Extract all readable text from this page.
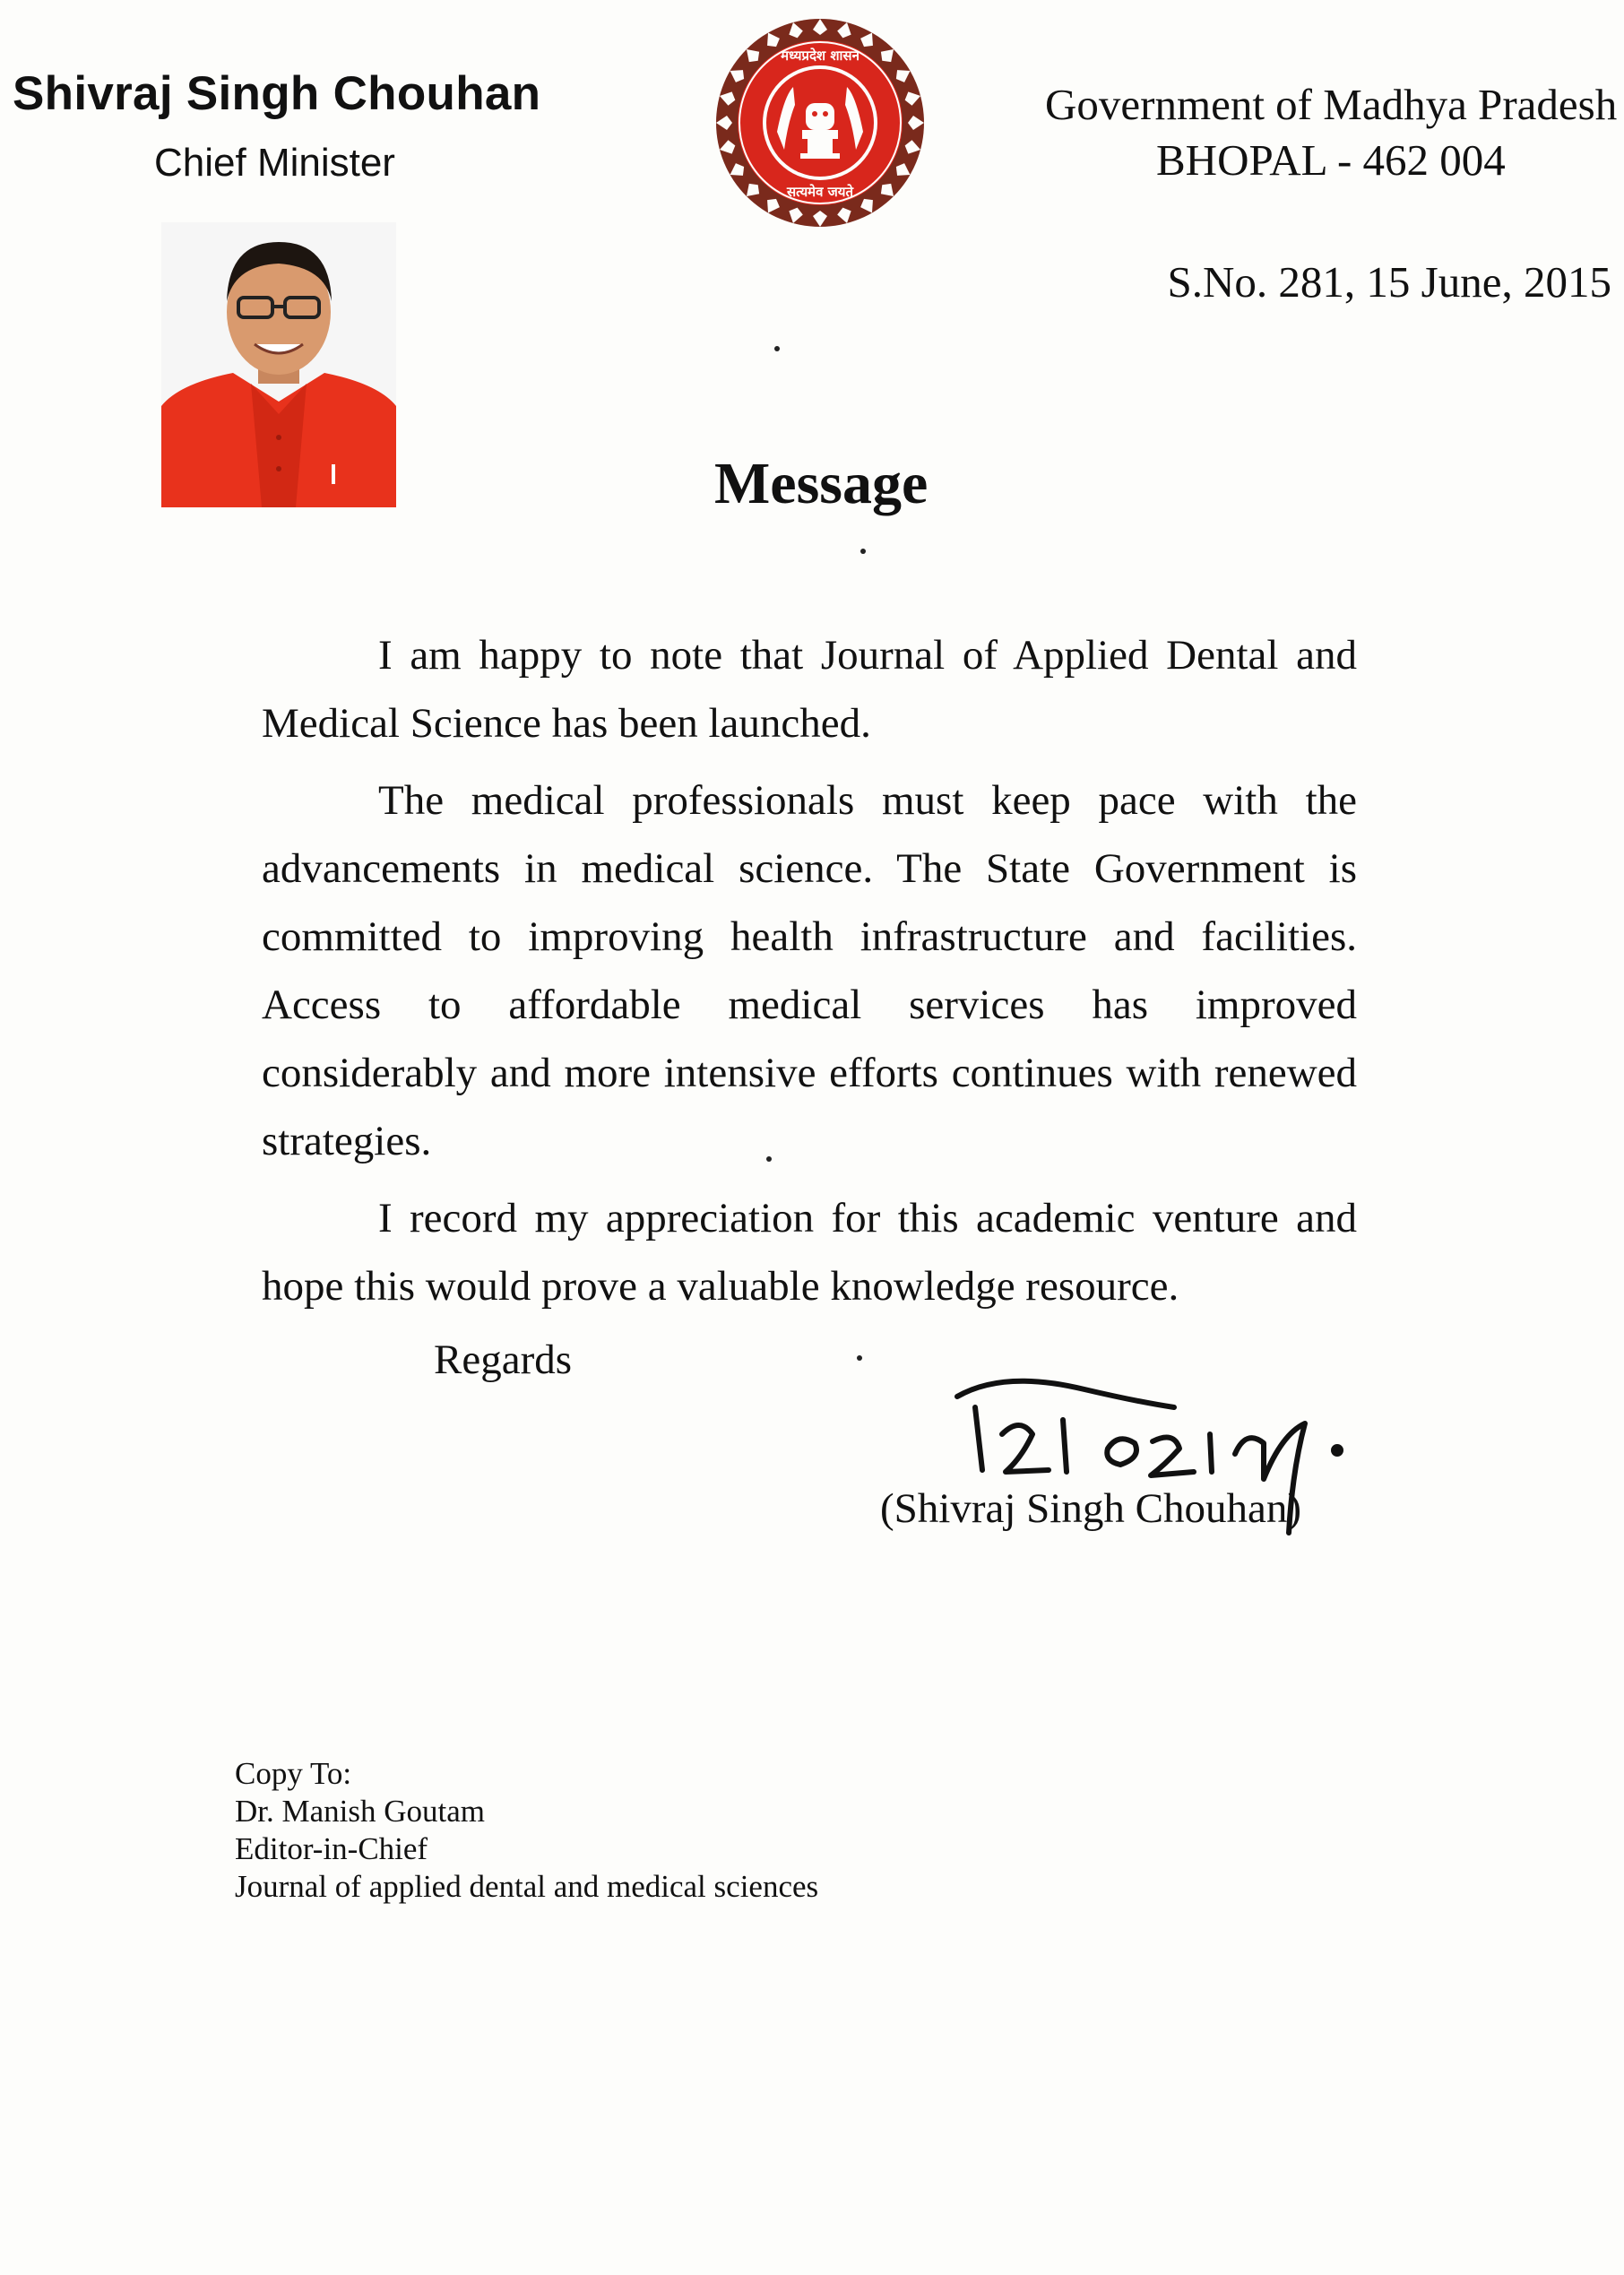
Shivraj Singh Chouhan
Chief Minister
मध्यप्रदेश शासन
सत्यमेव जयते
Government of Madhya Pradesh
BHOPAL - 462 004
S.No. 281, 15 June, 2015
Message

I am happy to note that Journal of Applied Dental and Medical Science has been launched.

The medical professionals must keep pace with the advancements in medical science. The State Government is committed to improving health infrastructure and facilities. Access to affordable medical services has improved considerably and more intensive efforts continues with renewed strategies.

I record my appreciation for this academic venture and hope this would prove a valuable knowledge resource.

Regards
(Shivraj Singh Chouhan)
Copy To:
Dr. Manish Goutam
Editor-in-Chief
Journal of applied dental and medical sciences
